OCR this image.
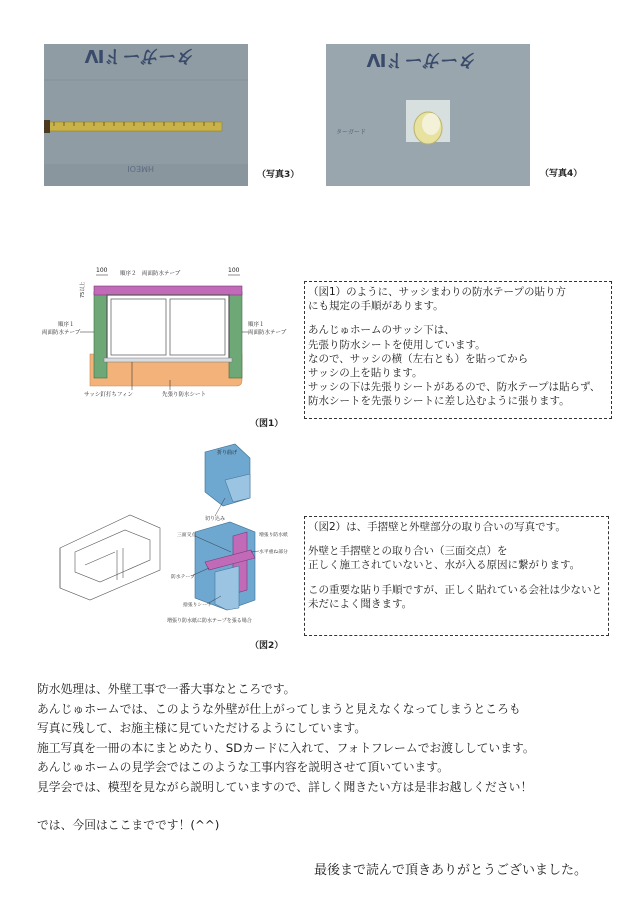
ターガードⅣ
HMEOI
（写真3）
ターガードⅣ
ターガード
（写真4）
100	100
75以上
順序２　両面防水テープ
順序１
両面防水テープ
順序１
両面防水テープ
サッシ釘打ちフィン	先張り防水シート
（図1）
（図1）のように、サッシまわりの防水テープの貼り方
にも規定の手順があります。
あんじゅホームのサッシ下は、
先張り防水シートを使用しています。
なので、サッシの横（左右とも）を貼ってから
サッシの上を貼ります。
サッシの下は先張りシートがあるので、防水テープは貼らず、
防水シートを先張りシートに差し込むように張ります。
折り曲げ
切り込み
三面交点	増張り防水紙
水平重ね部分
防水テープ
捨張りシート
増張り防水紙に防水テープを張る場合
（図2）
（図2）は、手摺壁と外壁部分の取り合いの写真です。
外壁と手摺壁との取り合い（三面交点）を
正しく施工されていないと、水が入る原因に繋がります。
この重要な貼り手順ですが、正しく貼れている会社は少ないと
未だによく聞きます。
防水処理は、外壁工事で一番大事なところです。
あんじゅホームでは、このような外壁が仕上がってしまうと見えなくなってしまうところも
写真に残して、お施主様に見ていただけるようにしています。
施工写真を一冊の本にまとめたり、SDカードに入れて、フォトフレームでお渡ししています。
あんじゅホームの見学会ではこのような工事内容を説明させて頂いています。
見学会では、模型を見ながら説明していますので、詳しく聞きたい方は是非お越しください！
では、今回はここまでです！(^^)
最後まで読んで頂きありがとうございました。
